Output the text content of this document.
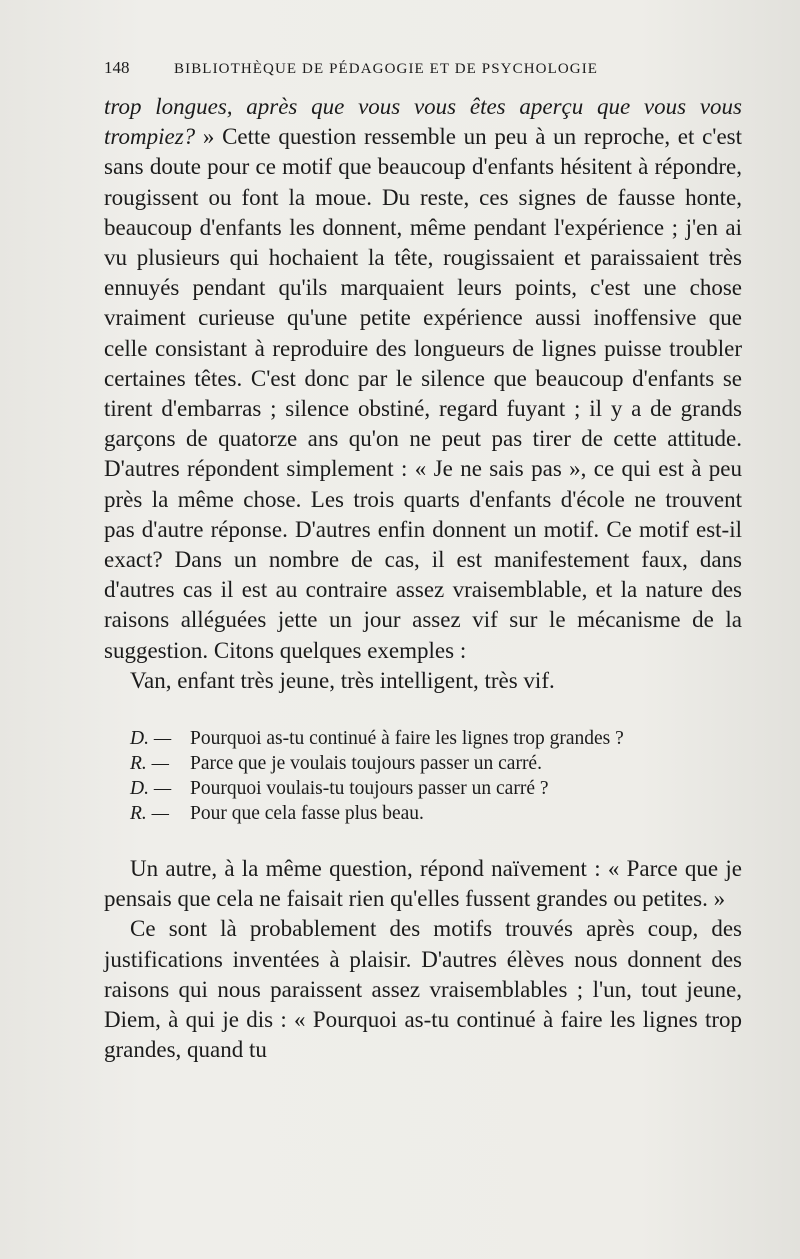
148	BIBLIOTHÈQUE DE PÉDAGOGIE ET DE PSYCHOLOGIE

trop longues, après que vous vous êtes aperçu que vous vous trompiez? » Cette question ressemble un peu à un reproche, et c'est sans doute pour ce motif que beaucoup d'enfants hésitent à répondre, rougissent ou font la moue. Du reste, ces signes de fausse honte, beaucoup d'enfants les donnent, même pendant l'expérience ; j'en ai vu plusieurs qui hochaient la tête, rougissaient et paraissaient très ennuyés pendant qu'ils marquaient leurs points, c'est une chose vraiment curieuse qu'une petite expérience aussi inoffensive que celle consistant à reproduire des longueurs de lignes puisse troubler certaines têtes. C'est donc par le silence que beaucoup d'enfants se tirent d'embarras ; silence obstiné, regard fuyant ; il y a de grands garçons de quatorze ans qu'on ne peut pas tirer de cette attitude. D'autres répondent simplement : « Je ne sais pas », ce qui est à peu près la même chose. Les trois quarts d'enfants d'école ne trouvent pas d'autre réponse. D'autres enfin donnent un motif. Ce motif est-il exact? Dans un nombre de cas, il est manifestement faux, dans d'autres cas il est au contraire assez vraisemblable, et la nature des raisons alléguées jette un jour assez vif sur le mécanisme de la suggestion. Citons quelques exemples :

Van, enfant très jeune, très intelligent, très vif.

D. — Pourquoi as-tu continué à faire les lignes trop grandes ?
R. —	Parce que je voulais toujours passer un carré.
D. — Pourquoi voulais-tu toujours passer un carré ?
R. —	Pour que cela fasse plus beau.

Un autre, à la même question, répond naïvement : « Parce que je pensais que cela ne faisait rien qu'elles fussent grandes ou petites. »

Ce sont là probablement des motifs trouvés après coup, des justifications inventées à plaisir. D'autres élèves nous donnent des raisons qui nous paraissent assez vraisemblables ; l'un, tout jeune, Diem, à qui je dis : « Pourquoi as-tu continué à faire les lignes trop grandes, quand tu
